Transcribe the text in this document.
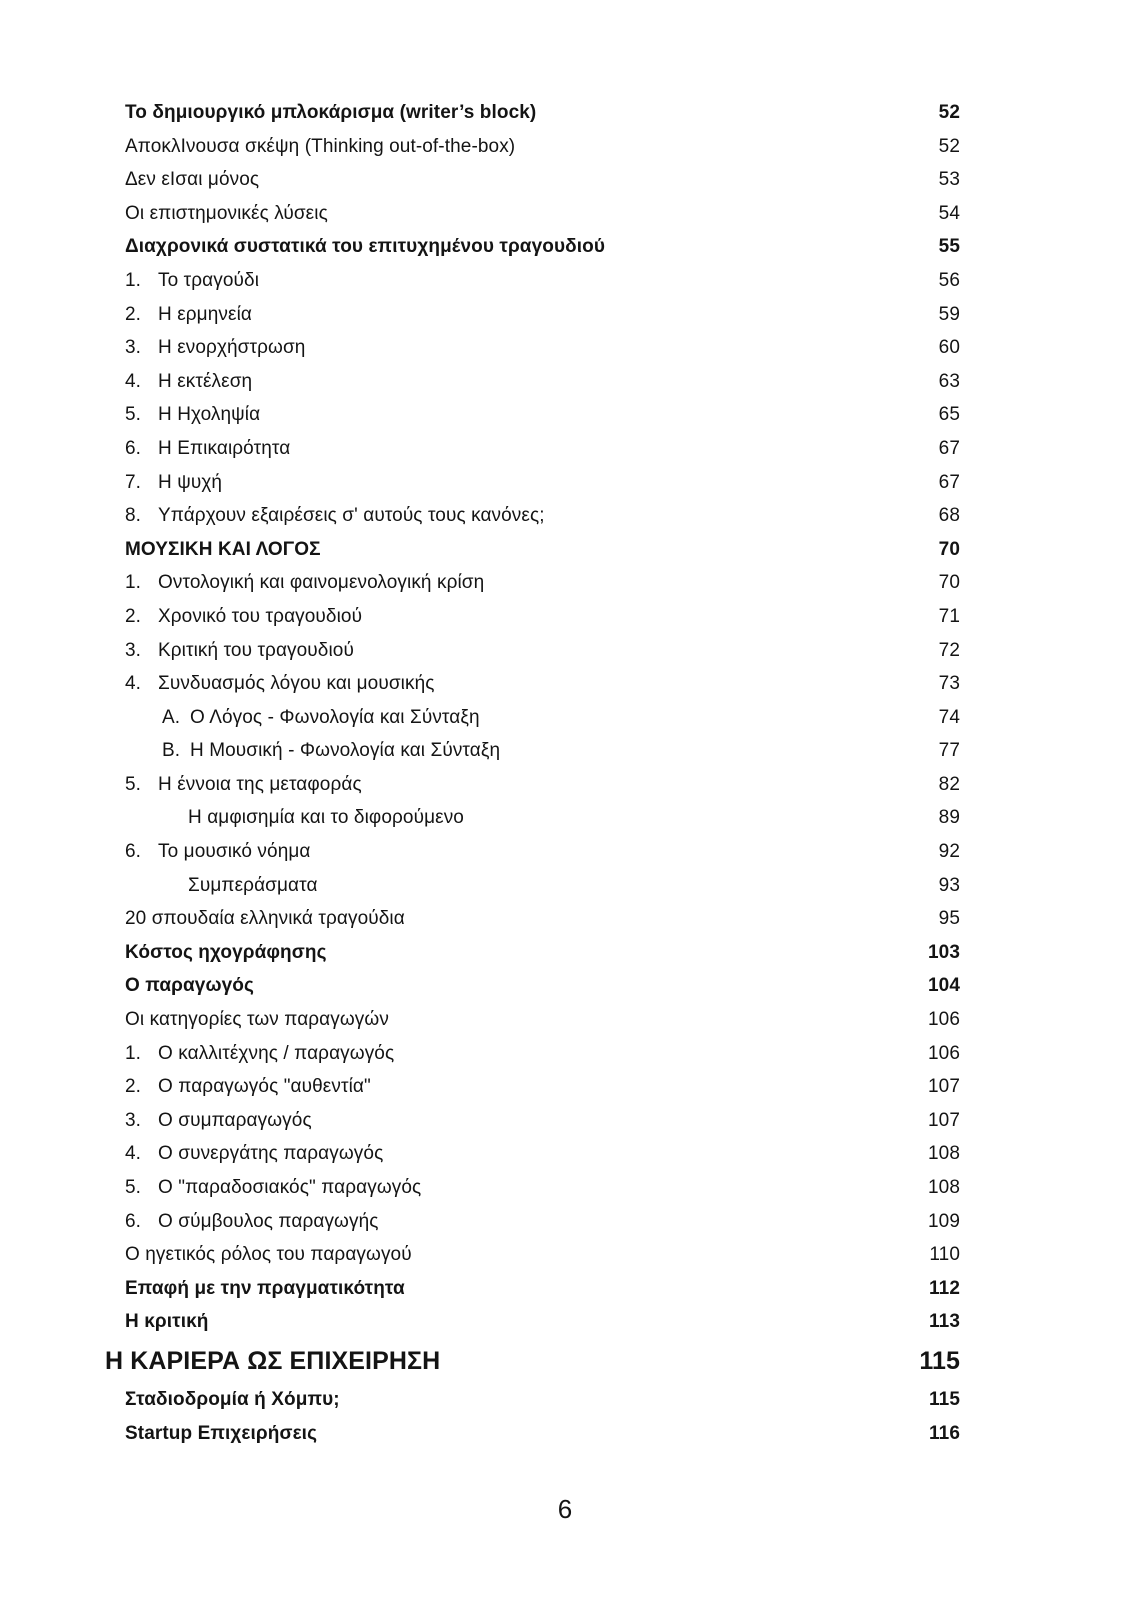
Το δημιουργικό μπλοκάρισμα (writer’s block)	52
ΑποκλΙνουσα σκέψη (Thinking out-of-the-box)	52
Δεν εΙσαι μόνος	53
Οι επιστημονικές λύσεις	54
Διαχρονικά συστατικά του επιτυχημένου τραγουδιού	55
1. Το τραγούδι	56
2. Η ερμηνεία	59
3. Η ενορχήστρωση	60
4. Η εκτέλεση	63
5. Η Ηχοληψία	65
6. Η Επικαιρότητα	67
7. Η ψυχή	67
8. Υπάρχουν εξαιρέσεις σ' αυτούς τους κανόνες;	68
ΜΟΥΣΙΚΗ ΚΑΙ ΛΟΓΟΣ	70
1. Οντολογική και φαινομενολογική κρίση	70
2. Χρονικό του τραγουδιού	71
3. Κριτική του τραγουδιού	72
4. Συνδυασμός λόγου και μουσικής	73
A. Ο Λόγος - Φωνολογία και Σύνταξη	74
B. Η Μουσική - Φωνολογία και Σύνταξη	77
5. Η έννοια της μεταφοράς	82
Η αμφισημία και το διφορούμενο	89
6. Το μουσικό νόημα	92
Συμπεράσματα	93
20 σπουδαία ελληνικά τραγούδια	95
Κόστος ηχογράφησης	103
Ο παραγωγός	104
Οι κατηγορίες των παραγωγών	106
1. Ο καλλιτέχνης / παραγωγός	106
2. Ο παραγωγός "αυθεντία"	107
3. Ο συμπαραγωγός	107
4. Ο συνεργάτης παραγωγός	108
5. Ο "παραδοσιακός" παραγωγός	108
6. Ο σύμβουλος παραγωγής	109
Ο ηγετικός ρόλος του παραγωγού	110
Επαφή με την πραγματικότητα	112
Η κριτική	113
Η ΚΑΡΙΕΡΑ ΩΣ ΕΠΙΧΕΙΡΗΣΗ	115
Σταδιοδρομία ή Χόμπυ;	115
Startup Επιχειρήσεις	116
6
